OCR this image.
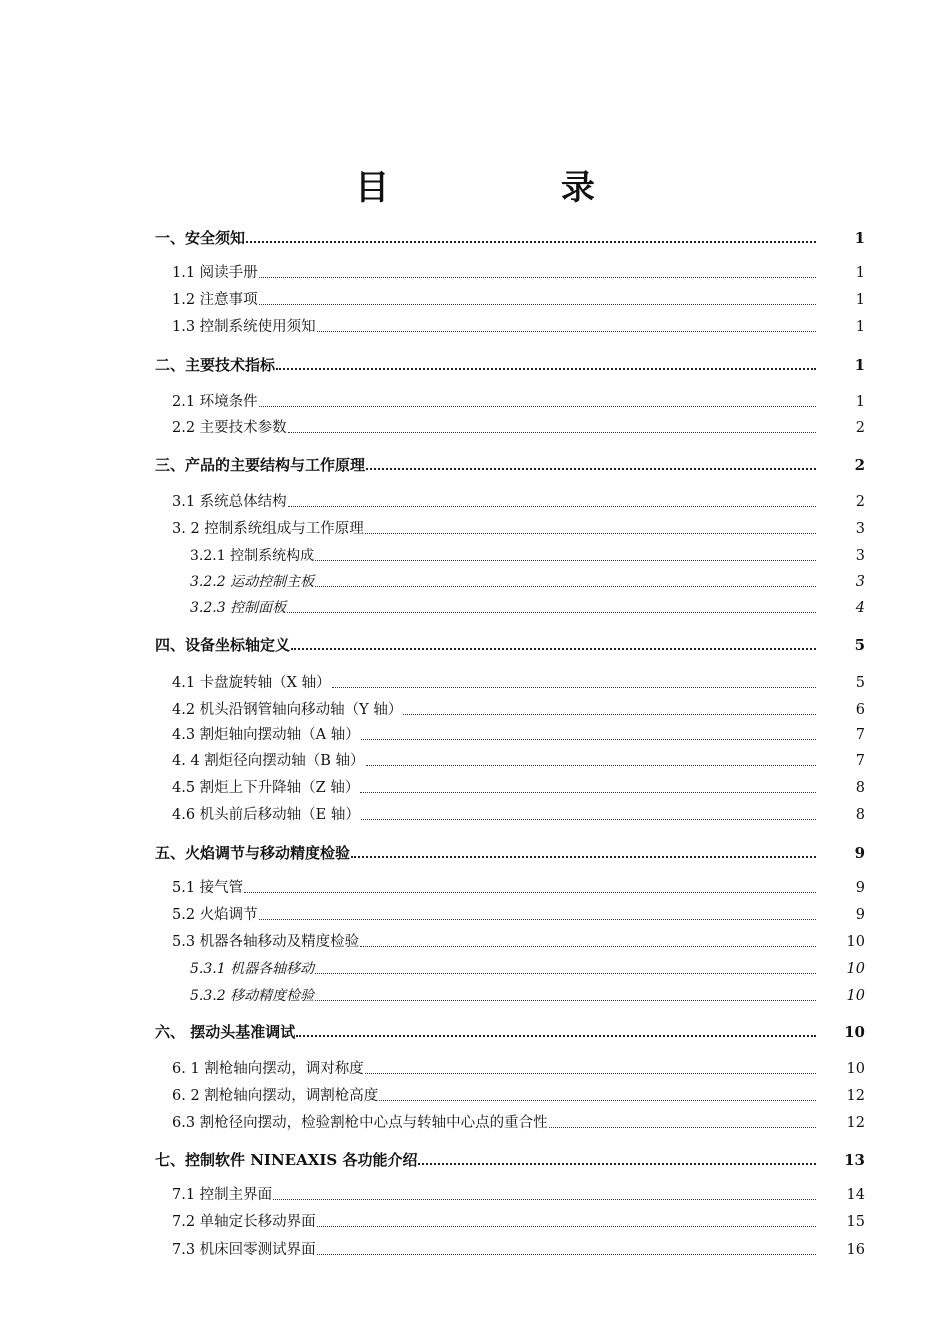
目 录
一、安全须知	1
1.1 阅读手册	1
1.2 注意事项	1
1.3 控制系统使用须知	1
二、主要技术指标	1
2.1 环境条件	1
2.2 主要技术参数	2
三、产品的主要结构与工作原理	2
3.1 系统总体结构	2
3. 2 控制系统组成与工作原理	3
3.2.1 控制系统构成	3
3.2.2 运动控制主板	3
3.2.3 控制面板	4
四、设备坐标轴定义	5
4.1 卡盘旋转轴（X 轴）	5
4.2 机头沿钢管轴向移动轴（Y 轴）	6
4.3 割炬轴向摆动轴（A 轴）	7
4. 4 割炬径向摆动轴（B 轴）	7
4.5 割炬上下升降轴（Z 轴）	8
4.6 机头前后移动轴（E 轴）	8
五、火焰调节与移动精度检验	9
5.1 接气管	9
5.2 火焰调节	9
5.3 机器各轴移动及精度检验	10
5.3.1 机器各轴移动	10
5.3.2 移动精度检验	10
六、 摆动头基准调试	10
6. 1 割枪轴向摆动，调对称度	10
6. 2 割枪轴向摆动，调割枪高度	12
6.3 割枪径向摆动，检验割枪中心点与转轴中心点的重合性	12
七、控制软件 NINEAXIS 各功能介绍	13
7.1 控制主界面	14
7.2 单轴定长移动界面	15
7.3 机床回零测试界面	16
